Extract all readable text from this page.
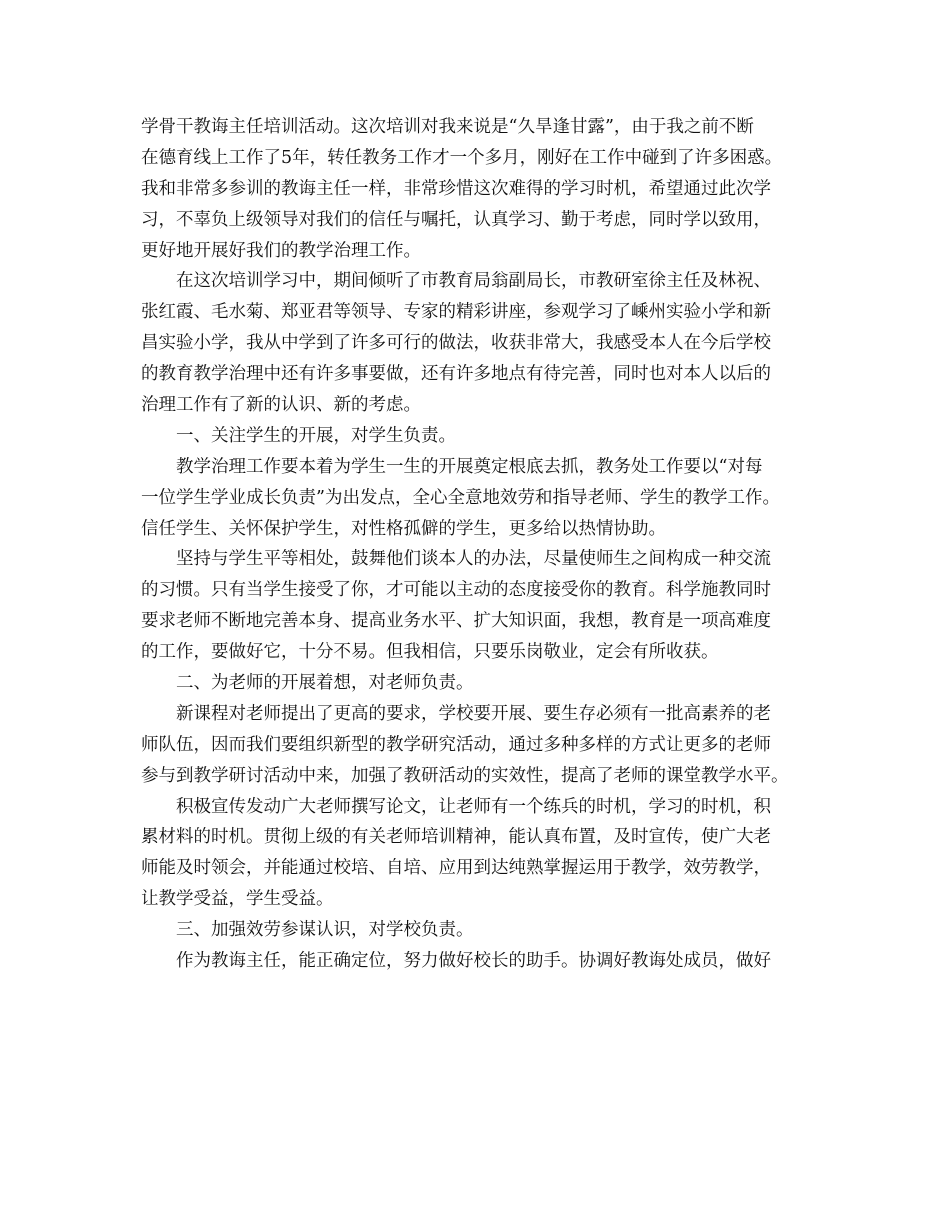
学骨干教诲主任培训活动。这次培训对我来说是“久旱逢甘露”，由于我之前不断
在德育线上工作了5年，转任教务工作才一个多月，刚好在工作中碰到了许多困惑。
我和非常多参训的教诲主任一样，非常珍惜这次难得的学习时机，希望通过此次学
习，不辜负上级领导对我们的信任与嘱托，认真学习、勤于考虑，同时学以致用，
更好地开展好我们的教学治理工作。
在这次培训学习中，期间倾听了市教育局翁副局长，市教研室徐主任及林祝、
张红霞、毛水菊、郑亚君等领导、专家的精彩讲座，参观学习了嵊州实验小学和新
昌实验小学，我从中学到了许多可行的做法，收获非常大，我感受本人在今后学校
的教育教学治理中还有许多事要做，还有许多地点有待完善，同时也对本人以后的
治理工作有了新的认识、新的考虑。
一、关注学生的开展，对学生负责。
教学治理工作要本着为学生一生的开展奠定根底去抓，教务处工作要以“对每
一位学生学业成长负责”为出发点，全心全意地效劳和指导老师、学生的教学工作。
信任学生、关怀保护学生，对性格孤僻的学生，更多给以热情协助。
坚持与学生平等相处，鼓舞他们谈本人的办法，尽量使师生之间构成一种交流
的习惯。只有当学生接受了你，才可能以主动的态度接受你的教育。科学施教同时
要求老师不断地完善本身、提高业务水平、扩大知识面，我想，教育是一项高难度
的工作，要做好它，十分不易。但我相信，只要乐岗敬业，定会有所收获。
二、为老师的开展着想，对老师负责。
新课程对老师提出了更高的要求，学校要开展、要生存必须有一批高素养的老
师队伍，因而我们要组织新型的教学研究活动，通过多种多样的方式让更多的老师
参与到教学研讨活动中来，加强了教研活动的实效性，提高了老师的课堂教学水平。
积极宣传发动广大老师撰写论文，让老师有一个练兵的时机，学习的时机，积
累材料的时机。贯彻上级的有关老师培训精神，能认真布置，及时宣传，使广大老
师能及时领会，并能通过校培、自培、应用到达纯熟掌握运用于教学，效劳教学，
让教学受益，学生受益。
三、加强效劳参谋认识，对学校负责。
作为教诲主任，能正确定位，努力做好校长的助手。协调好教诲处成员，做好
